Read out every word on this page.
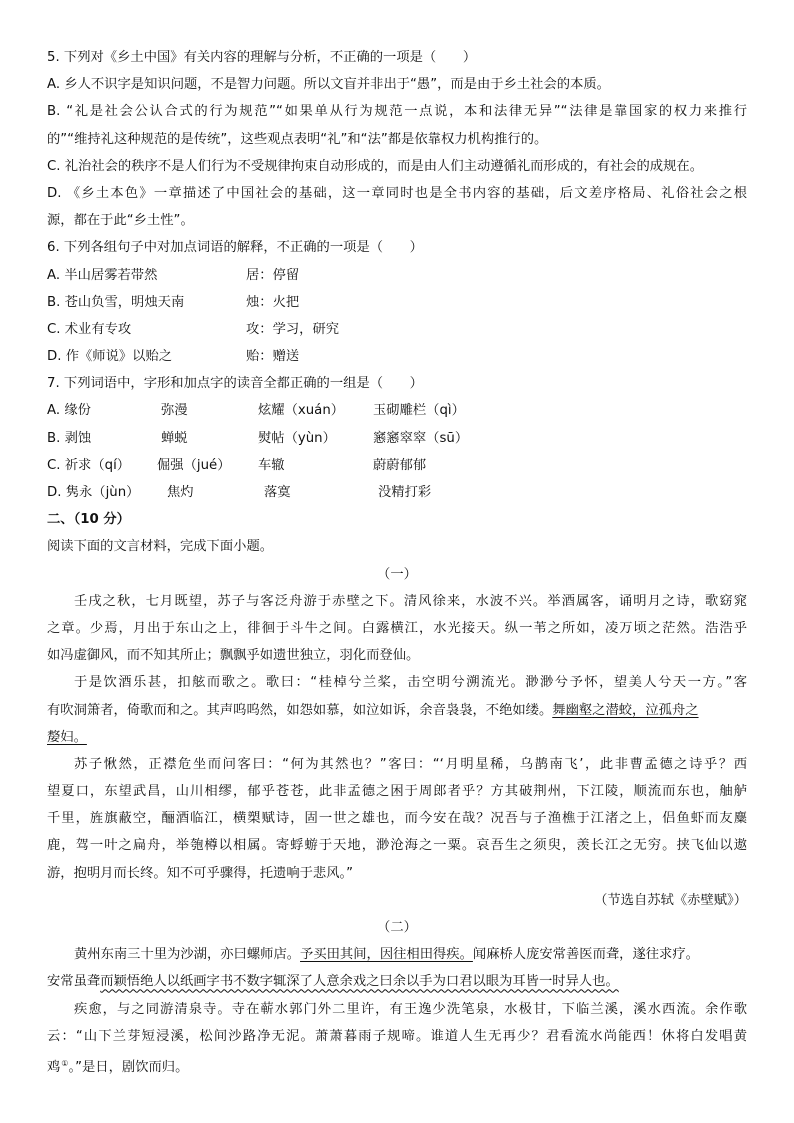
5. 下列对《乡土中国》有关内容的理解与分析，不正确的一项是（　　）
A. 乡人不识字是知识问题，不是智力问题。所以文盲并非出于“愚”，而是由于乡土社会的本质。
B. “礼是社会公认合式的行为规范”“如果单从行为规范一点说，本和法律无异”“法律是靠国家的权力来推行
的”“维持礼这种规范的是传统”，这些观点表明“礼”和“法”都是依靠权力机构推行的。
C. 礼治社会的秩序不是人们行为不受规律拘束自动形成的，而是由人们主动遵循礼而形成的，有社会的成规在。
D. 《乡土本色》一章描述了中国社会的基础，这一章同时也是全书内容的基础，后文差序格局、礼俗社会之根
源，都在于此“乡土性”。
6. 下列各组句子中对加点词语的解释，不正确的一项是（　　）
A. 半山居雾若带然	居：停留
B. 苍山负雪，明烛天南	烛：火把
C. 术业有专攻	攻：学习，研究
D. 作《师说》以贻之	贻：赠送
7. 下列词语中，字形和加点字的读音全都正确的一组是（　　）
A. 缘份	弥漫	炫耀（xuán） 玉砌雕栏（qì）
B. 剥蚀	蝉蜕	熨帖（yùn）	窸窸窣窣（sū）
C. 祈求（qí） 倔强（jué） 车辙	蔚蔚郁郁
D. 隽永（jùn） 焦灼	落寞	没精打彩
二、（10 分）
阅读下面的文言材料，完成下面小题。
（一）
壬戌之秋，七月既望，苏子与客泛舟游于赤壁之下。清风徐来，水波不兴。举酒属客，诵明月之诗，歌窈窕
之章。少焉，月出于东山之上，徘徊于斗牛之间。白露横江，水光接天。纵一苇之所如，凌万顷之茫然。浩浩乎
如冯虚御风，而不知其所止；飘飘乎如遗世独立，羽化而登仙。
于是饮酒乐甚，扣舷而歌之。歌曰：“桂棹兮兰桨，击空明兮溯流光。渺渺兮予怀，望美人兮天一方。”客
有吹洞箫者，倚歌而和之。其声呜呜然，如怨如慕，如泣如诉，余音袅袅，不绝如缕。舞幽壑之潜蛟，泣孤舟之
嫠妇。
苏子愀然，正襟危坐而问客曰：“何为其然也？”客曰：“‘月明星稀，乌鹊南飞’，此非曹孟德之诗乎？西
望夏口，东望武昌，山川相缪，郁乎苍苍，此非孟德之困于周郎者乎？方其破荆州，下江陵，顺流而东也，舳舻
千里，旌旗蔽空，酾酒临江，横槊赋诗，固一世之雄也，而今安在哉？况吾与子渔樵于江渚之上，侣鱼虾而友麋
鹿，驾一叶之扁舟，举匏樽以相属。寄蜉蝣于天地，渺沧海之一粟。哀吾生之须臾，羡长江之无穷。挟飞仙以遨
游，抱明月而长终。知不可乎骤得，托遗响于悲风。”
（节选自苏轼《赤壁赋》）
（二）
黄州东南三十里为沙湖，亦曰螺师店。予买田其间，因往相田得疾。闻麻桥人庞安常善医而聋，遂往求疗。
安常虽聋而颖悟绝人以纸画字书不数字辄深了人意余戏之曰余以手为口君以眼为耳皆一时异人也。
疾愈，与之同游清泉寺。寺在蕲水郭门外二里许，有王逸少洗笔泉，水极甘，下临兰溪，溪水西流。余作歌
云：“山下兰芽短浸溪，松间沙路净无泥。萧萧暮雨子规啼。谁道人生无再少？君看流水尚能西！休将白发唱黄
鸡①。”是日，剧饮而归。
